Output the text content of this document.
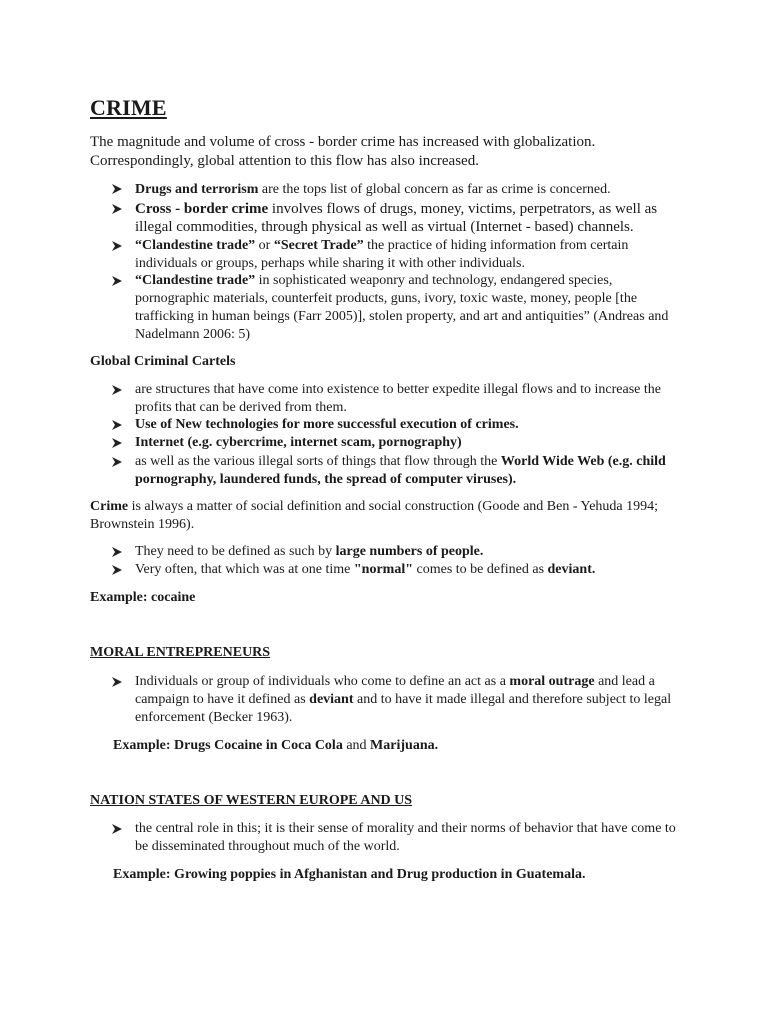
CRIME
The magnitude and volume of cross - border crime has increased with globalization.
Correspondingly, global attention to this flow has also increased.
Drugs and terrorism are the tops list of global concern as far as crime is concerned.
Cross - border crime involves flows of drugs, money, victims, perpetrators, as well as
illegal commodities, through physical as well as virtual (Internet - based) channels.
“Clandestine trade” or “Secret Trade” the practice of hiding information from certain
individuals or groups, perhaps while sharing it with other individuals.
“Clandestine trade” in sophisticated weaponry and technology, endangered species,
pornographic materials, counterfeit products, guns, ivory, toxic waste, money, people [the
trafficking in human beings (Farr 2005)], stolen property, and art and antiquities” (Andreas and
Nadelmann 2006: 5)
Global Criminal Cartels
are structures that have come into existence to better expedite illegal flows and to increase the
profits that can be derived from them.
Use of New technologies for more successful execution of crimes.
Internet (e.g. cybercrime, internet scam, pornography)
as well as the various illegal sorts of things that flow through the World Wide Web (e.g. child
pornography, laundered funds, the spread of computer viruses).
Crime is always a matter of social definition and social construction (Goode and Ben - Yehuda 1994;
Brownstein 1996).
They need to be defined as such by large numbers of people.
Very often, that which was at one time "normal" comes to be defined as deviant.
Example: cocaine
MORAL ENTREPRENEURS
Individuals or group of individuals who come to define an act as a moral outrage and lead a
campaign to have it defined as deviant and to have it made illegal and therefore subject to legal
enforcement (Becker 1963).
Example: Drugs Cocaine in Coca Cola and Marijuana.
NATION STATES OF WESTERN EUROPE AND US
the central role in this; it is their sense of morality and their norms of behavior that have come to
be disseminated throughout much of the world.
Example: Growing poppies in Afghanistan and Drug production in Guatemala.
